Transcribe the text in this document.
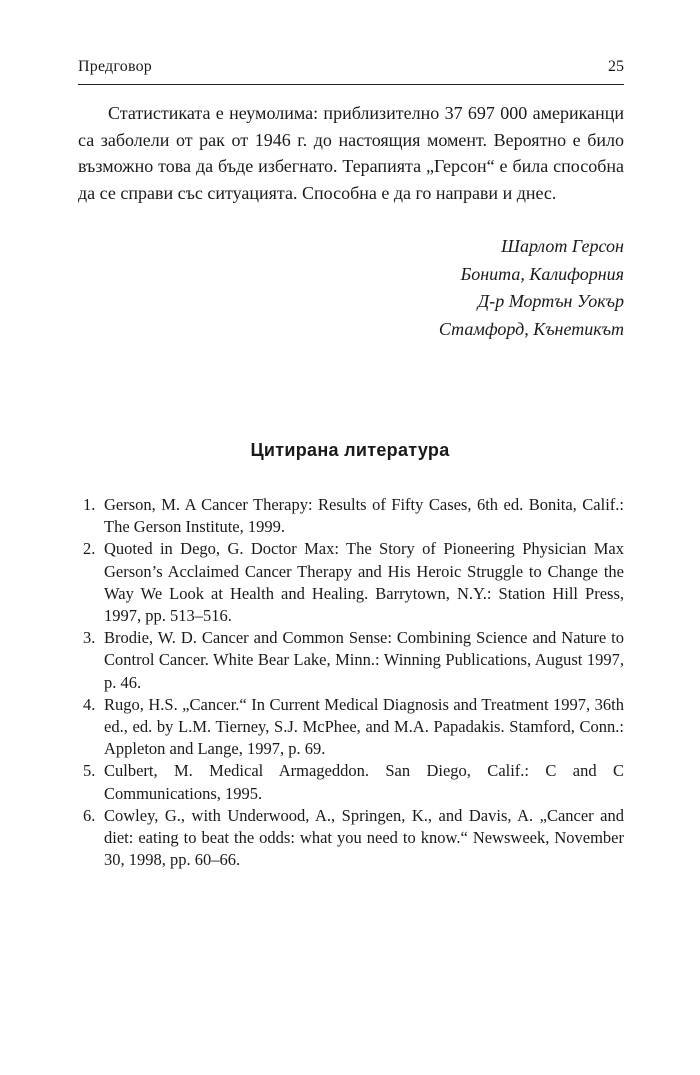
Предговор	25

Статистиката е неумолима: приблизително 37 697 000 американци са заболели от рак от 1946 г. до настоящия момент. Вероятно е било възможно това да бъде избегнато. Терапията „Герсон“ е била способна да се справи със ситуацията. Способна е да го направи и днес.

Шарлот Герсон
Бонита, Калифорния
Д-р Мортън Уокър
Стамфорд, Кънетикът
Цитирана литература
1. Gerson, M. A Cancer Therapy: Results of Fifty Cases, 6th ed. Bonita, Calif.: The Gerson Institute, 1999.
2. Quoted in Dego, G. Doctor Max: The Story of Pioneering Physician Max Gerson’s Acclaimed Cancer Therapy and His Heroic Struggle to Change the Way We Look at Health and Healing. Barrytown, N.Y.: Station Hill Press, 1997, pp. 513–516.
3. Brodie, W. D. Cancer and Common Sense: Combining Science and Nature to Control Cancer. White Bear Lake, Minn.: Winning Publications, August 1997, p. 46.
4. Rugo, H.S. „Cancer.“ In Current Medical Diagnosis and Treatment 1997, 36th ed., ed. by L.M. Tierney, S.J. McPhee, and M.A. Papadakis. Stamford, Conn.: Appleton and Lange, 1997, p. 69.
5. Culbert, M. Medical Armageddon. San Diego, Calif.: C and C Communications, 1995.
6. Cowley, G., with Underwood, A., Springen, K., and Davis, A. „Cancer and diet: eating to beat the odds: what you need to know.“ Newsweek, November 30, 1998, pp. 60–66.
